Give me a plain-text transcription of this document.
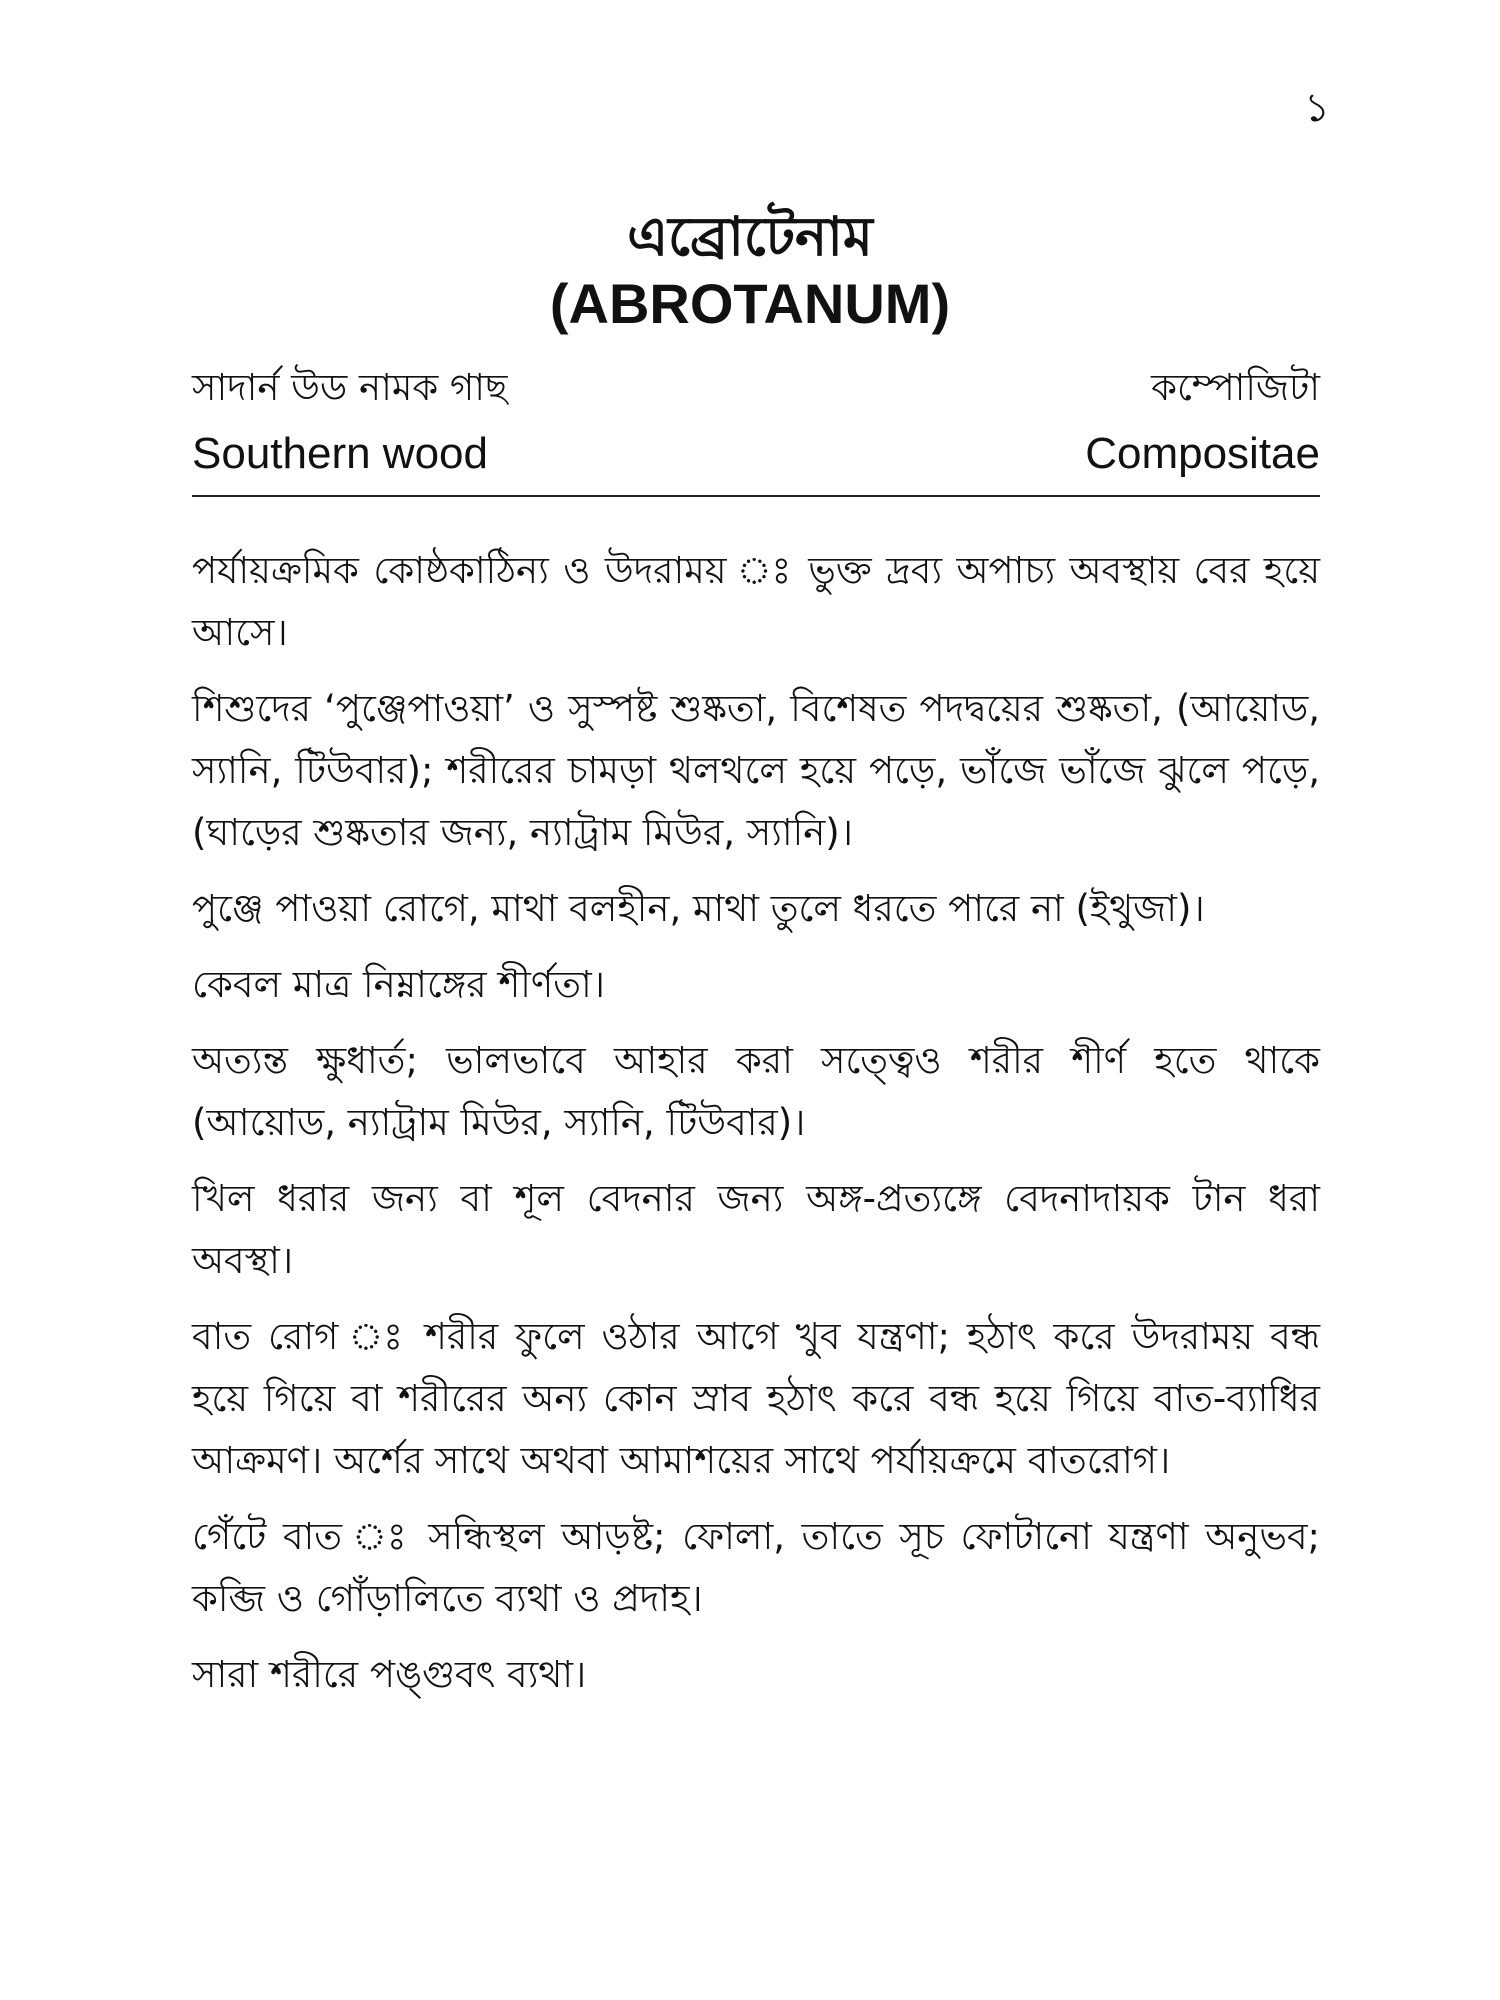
১

এব্রোটেনাম

(ABROTANUM)

সাদার্ন উড নামক গাছ
Southern wood
কম্পোজিটা
Compositae

পর্যায়ক্রমিক কোষ্ঠকাঠিন্য ও উদরাময় ঃ ভুক্ত দ্রব্য অপাচ্য অবস্থায় বের হয়ে আসে।

শিশুদের ‘পুঞ্জেপাওয়া’ ও সুস্পষ্ট শুষ্কতা, বিশেষত পদদ্বয়ের শুষ্কতা, (আয়োড, স্যানি, টিউবার); শরীরের চামড়া থলথলে হয়ে পড়ে, ভাঁজে ভাঁজে ঝুলে পড়ে, (ঘাড়ের শুষ্কতার জন্য, ন্যাট্রাম মিউর, স্যানি)।

পুঞ্জে পাওয়া রোগে, মাথা বলহীন, মাথা তুলে ধরতে পারে না (ইথুজা)।

কেবল মাত্র নিম্নাঙ্গের শীর্ণতা।

অত্যন্ত ক্ষুধার্ত; ভালভাবে আহার করা সত্ত্বেও শরীর শীর্ণ হতে থাকে (আয়োড, ন্যাট্রাম মিউর, স্যানি, টিউবার)।

খিল ধরার জন্য বা শূল বেদনার জন্য অঙ্গ-প্রত্যঙ্গে বেদনাদায়ক টান ধরা অবস্থা।

বাত রোগ ঃ শরীর ফুলে ওঠার আগে খুব যন্ত্রণা; হঠাৎ করে উদরাময় বন্ধ হয়ে গিয়ে বা শরীরের অন্য কোন স্রাব হঠাৎ করে বন্ধ হয়ে গিয়ে বাত-ব্যাধির আক্রমণ। অর্শের সাথে অথবা আমাশয়ের সাথে পর্যায়ক্রমে বাতরোগ।

গেঁটে বাত ঃ সন্ধিস্থল আড়ষ্ট; ফোলা, তাতে সূচ ফোটানো যন্ত্রণা অনুভব; কব্জি ও গোঁড়ালিতে ব্যথা ও প্রদাহ।

সারা শরীরে পঙ্গুবৎ ব্যথা।
